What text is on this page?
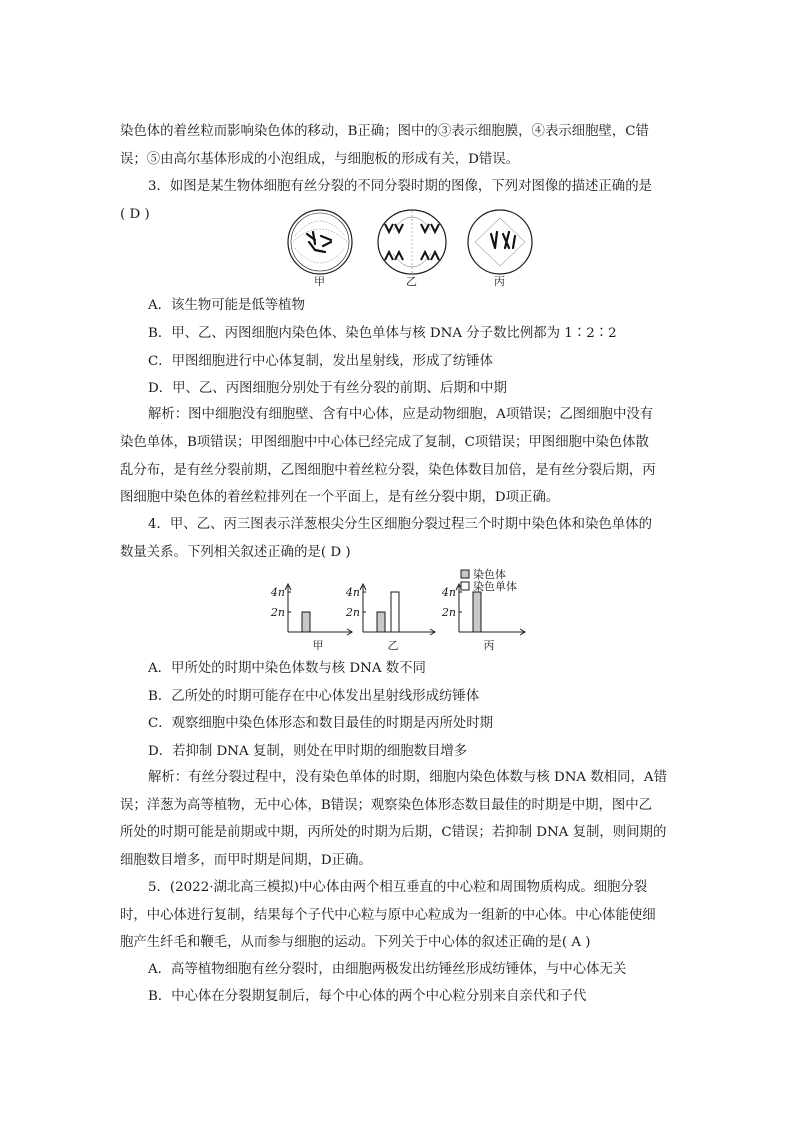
染色体的着丝粒而影响染色体的移动，B正确；图中的③表示细胞膜，④表示细胞壁，C错
误；⑤由高尔基体形成的小泡组成，与细胞板的形成有关，D错误。
3．如图是某生物体细胞有丝分裂的不同分裂时期的图像，下列对图像的描述正确的是
( D )
甲	乙	丙
A．该生物可能是低等植物
B．甲、乙、丙图细胞内染色体、染色单体与核 DNA 分子数比例都为 1∶2∶2
C．甲图细胞进行中心体复制，发出星射线，形成了纺锤体
D．甲、乙、丙图细胞分别处于有丝分裂的前期、后期和中期
解析：图中细胞没有细胞壁、含有中心体，应是动物细胞，A项错误；乙图细胞中没有
染色单体，B项错误；甲图细胞中中心体已经完成了复制，C项错误；甲图细胞中染色体散
乱分布，是有丝分裂前期，乙图细胞中着丝粒分裂，染色体数目加倍，是有丝分裂后期，丙
图细胞中染色体的着丝粒排列在一个平面上，是有丝分裂中期，D项正确。
4．甲、乙、丙三图表示洋葱根尖分生区细胞分裂过程三个时期中染色体和染色单体的
数量关系。下列相关叙述正确的是( D )
4n
2n
甲
4n
2n
乙
4n
2n
丙
染色体
染色单体
A．甲所处的时期中染色体数与核 DNA 数不同
B．乙所处的时期可能存在中心体发出星射线形成纺锤体
C．观察细胞中染色体形态和数目最佳的时期是丙所处时期
D．若抑制 DNA 复制，则处在甲时期的细胞数目增多
解析：有丝分裂过程中，没有染色单体的时期，细胞内染色体数与核 DNA 数相同，A错
误；洋葱为高等植物，无中心体，B错误；观察染色体形态数目最佳的时期是中期，图中乙
所处的时期可能是前期或中期，丙所处的时期为后期，C错误；若抑制 DNA 复制，则间期的
细胞数目增多，而甲时期是间期，D正确。
5．(2022·湖北高三模拟)中心体由两个相互垂直的中心粒和周围物质构成。细胞分裂
时，中心体进行复制，结果每个子代中心粒与原中心粒成为一组新的中心体。中心体能使细
胞产生纤毛和鞭毛，从而参与细胞的运动。下列关于中心体的叙述正确的是( A )
A．高等植物细胞有丝分裂时，由细胞两极发出纺锤丝形成纺锤体，与中心体无关
B．中心体在分裂期复制后，每个中心体的两个中心粒分别来自亲代和子代
